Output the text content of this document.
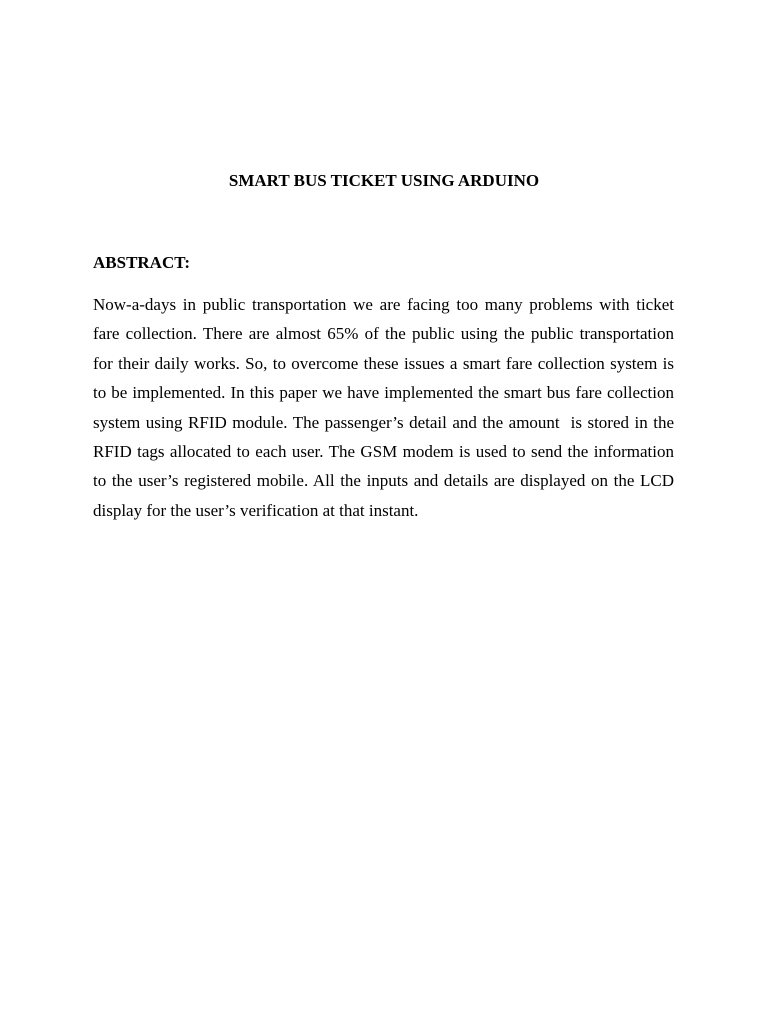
SMART BUS TICKET USING ARDUINO
ABSTRACT:

Now-a-days in public transportation we are facing too many problems with ticket fare collection. There are almost 65% of the public using the public transportation for their daily works. So, to overcome these issues a smart fare collection system is to be implemented. In this paper we have implemented the smart bus fare collection system using RFID module. The passenger’s detail and the amount  is stored in the RFID tags allocated to each user. The GSM modem is used to send the information to the user’s registered mobile. All the inputs and details are displayed on the LCD display for the user’s verification at that instant.
